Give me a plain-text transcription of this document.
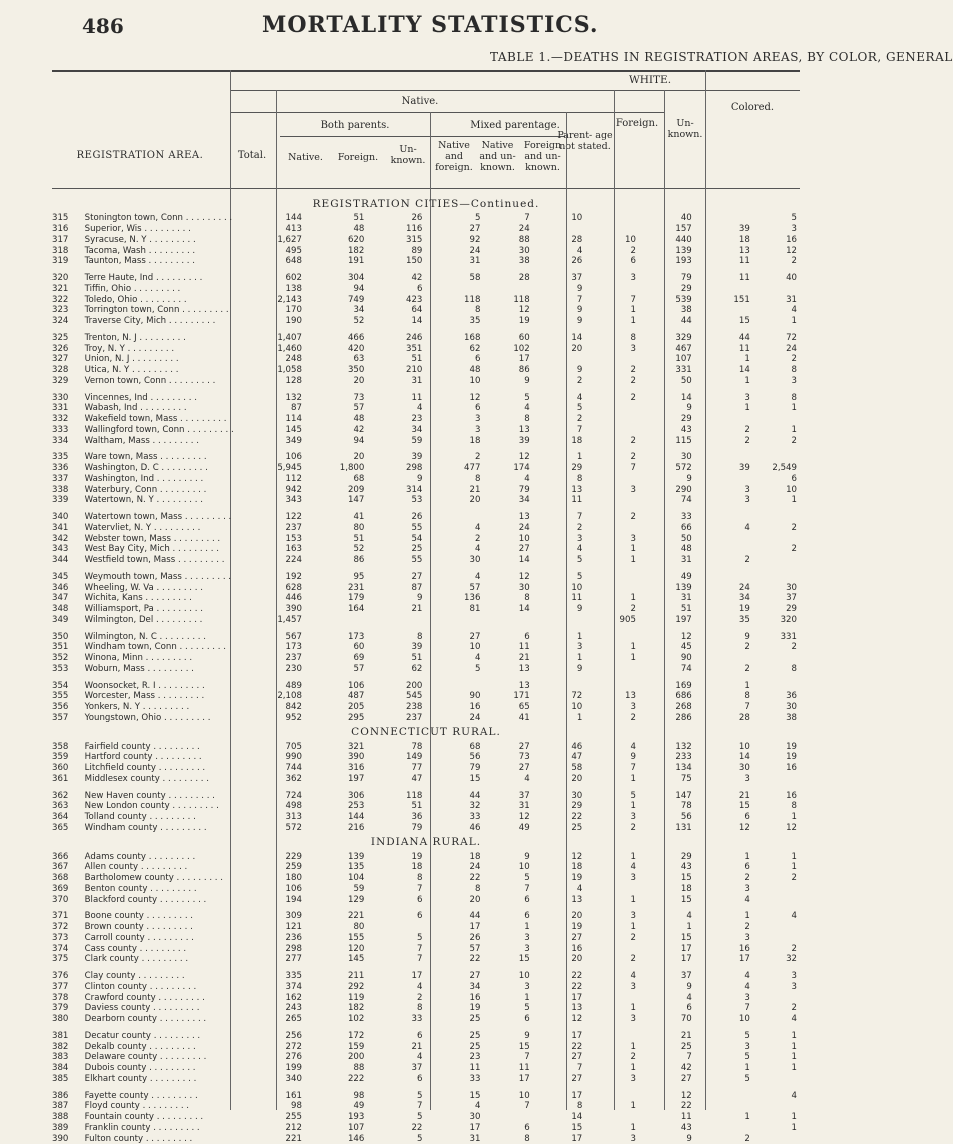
486	MORTALITY STATISTICS.
TABLE 1.—DEATHS IN REGISTRATION AREAS, BY COLOR, GENERAL
WHITE.
Native.
REGISTRATION AREA.	Total.
Both parents.	Mixed parentage.
Parent- age not stated.
Foreign.	Un- known.
Colored.
Native.	Foreign.
Un- known.
Native and foreign.
Native and un- known.
Foreign and un- known.
REGISTRATION CITIES—Continued.											
315	Stonington town, Conn . . . . . . . . .	144	51	26	5	7	10		40		5
316	Superior, Wis . . . . . . . . .	413	48	116	27	24			157	39	3
317	Syracuse, N. Y . . . . . . . . .	1,627	620	315	92	88	28	10	440	18	16
318	Tacoma, Wash . . . . . . . . .	495	182	89	24	30	4	2	139	13	12
319	Taunton, Mass . . . . . . . . .	648	191	150	31	38	26	6	193	11	2

320	Terre Haute, Ind . . . . . . . . .	602	304	42	58	28	37	3	79	11	40
321	Tiffin, Ohio . . . . . . . . .	138	94	6			9		29		
322	Toledo, Ohio . . . . . . . . .	2,143	749	423	118	118	7	7	539	151	31
323	Torrington town, Conn . . . . . . . . .	170	34	64	8	12	9	1	38		4
324	Traverse City, Mich . . . . . . . . .	190	52	14	35	19	9	1	44	15	1

325	Trenton, N. J . . . . . . . . .	1,407	466	246	168	60	14	8	329	44	72
326	Troy, N. Y . . . . . . . . .	1,460	420	351	62	102	20	3	467	11	24
327	Union, N. J . . . . . . . . .	248	63	51	6	17			107	1	2
328	Utica, N. Y . . . . . . . . .	1,058	350	210	48	86	9	2	331	14	8
329	Vernon town, Conn . . . . . . . . .	128	20	31	10	9	2	2	50	1	3

330	Vincennes, Ind . . . . . . . . .	132	73	11	12	5	4	2	14	3	8
331	Wabash, Ind . . . . . . . . .	87	57	4	6	4	5		9	1	1
332	Wakefield town, Mass . . . . . . . . .	114	48	23	3	8	2		29		
333	Wallingford town, Conn . . . . . . . . .	145	42	34	3	13	7		43	2	1
334	Waltham, Mass . . . . . . . . .	349	94	59	18	39	18	2	115	2	2

335	Ware town, Mass . . . . . . . . .	106	20	39	2	12	1	2	30		
336	Washington, D. C . . . . . . . . .	5,945	1,800	298	477	174	29	7	572	39	2,549
337	Washington, Ind . . . . . . . . .	112	68	9	8	4	8		9		6
338	Waterbury, Conn . . . . . . . . .	942	209	314	21	79	13	3	290	3	10
339	Watertown, N. Y . . . . . . . . .	343	147	53	20	34	11		74	3	1

340	Watertown town, Mass . . . . . . . . .	122	41	26		13	7	2	33		
341	Watervliet, N. Y . . . . . . . . .	237	80	55	4	24	2		66	4	2
342	Webster town, Mass . . . . . . . . .	153	51	54	2	10	3	3	50		
343	West Bay City, Mich . . . . . . . . .	163	52	25	4	27	4	1	48		2
344	Westfield town, Mass . . . . . . . . .	224	86	55	30	14	5	1	31	2	

345	Weymouth town, Mass . . . . . . . . .	192	95	27	4	12	5		49		
346	Wheeling, W. Va . . . . . . . . .	628	231	87	57	30	10		139	24	30
347	Wichita, Kans . . . . . . . . .	446	179	9	136	8	11	1	31	34	37
348	Williamsport, Pa . . . . . . . . .	390	164	21	81	14	9	2	51	19	29
349	Wilmington, Del . . . . . . . . .	1,457						905	197	35	320

350	Wilmington, N. C . . . . . . . . .	567	173	8	27	6	1		12	9	331
351	Windham town, Conn . . . . . . . . .	173	60	39	10	11	3	1	45	2	2
352	Winona, Minn . . . . . . . . .	237	69	51	4	21	1	1	90		
353	Woburn, Mass . . . . . . . . .	230	57	62	5	13	9		74	2	8

354	Woonsocket, R. I . . . . . . . . .	489	106	200		13			169	1	
355	Worcester, Mass . . . . . . . . .	2,108	487	545	90	171	72	13	686	8	36
356	Yonkers, N. Y . . . . . . . . .	842	205	238	16	65	10	3	268	7	30
357	Youngstown, Ohio . . . . . . . . .	952	295	237	24	41	1	2	286	28	38
CONNECTICUT RURAL.											
358	Fairfield county . . . . . . . . .	705	321	78	68	27	46	4	132	10	19
359	Hartford county . . . . . . . . .	990	390	149	56	73	47	9	233	14	19
360	Litchfield county . . . . . . . . .	744	316	77	79	27	58	7	134	30	16
361	Middlesex county . . . . . . . . .	362	197	47	15	4	20	1	75	3	

362	New Haven county . . . . . . . . .	724	306	118	44	37	30	5	147	21	16
363	New London county . . . . . . . . .	498	253	51	32	31	29	1	78	15	8
364	Tolland county . . . . . . . . .	313	144	36	33	12	22	3	56	6	1
365	Windham county . . . . . . . . .	572	216	79	46	49	25	2	131	12	12
INDIANA RURAL.											
366	Adams county . . . . . . . . .	229	139	19	18	9	12	1	29	1	1
367	Allen county . . . . . . . . .	259	135	18	24	10	18	4	43	6	1
368	Bartholomew county . . . . . . . . .	180	104	8	22	5	19	3	15	2	2
369	Benton county . . . . . . . . .	106	59	7	8	7	4		18	3	
370	Blackford county . . . . . . . . .	194	129	6	20	6	13	1	15	4	

371	Boone county . . . . . . . . .	309	221	6	44	6	20	3	4	1	4
372	Brown county . . . . . . . . .	121	80		17	1	19	1	1	2	
373	Carroll county . . . . . . . . .	236	155	5	26	3	27	2	15	3	
374	Cass county . . . . . . . . .	298	120	7	57	3	16		17	16	2
375	Clark county . . . . . . . . .	277	145	7	22	15	20	2	17	17	32

376	Clay county . . . . . . . . .	335	211	17	27	10	22	4	37	4	3
377	Clinton county . . . . . . . . .	374	292	4	34	3	22	3	9	4	3
378	Crawford county . . . . . . . . .	162	119	2	16	1	17		4	3	
379	Daviess county . . . . . . . . .	243	182	8	19	5	13	1	6	7	2
380	Dearborn county . . . . . . . . .	265	102	33	25	6	12	3	70	10	4

381	Decatur county . . . . . . . . .	256	172	6	25	9	17		21	5	1
382	Dekalb county . . . . . . . . .	272	159	21	25	15	22	1	25	3	1
383	Delaware county . . . . . . . . .	276	200	4	23	7	27	2	7	5	1
384	Dubois county . . . . . . . . .	199	88	37	11	11	7	1	42	1	1
385	Elkhart county . . . . . . . . .	340	222	6	33	17	27	3	27	5	

386	Fayette county . . . . . . . . .	161	98	5	15	10	17		12		4
387	Floyd county . . . . . . . . .	98	49	7	4	7	8	1	22		
388	Fountain county . . . . . . . . .	255	193	5	30		14		11	1	1
389	Franklin county . . . . . . . . .	212	107	22	17	6	15	1	43		1
390	Fulton county . . . . . . . . .	221	146	5	31	8	17	3	9	2	
